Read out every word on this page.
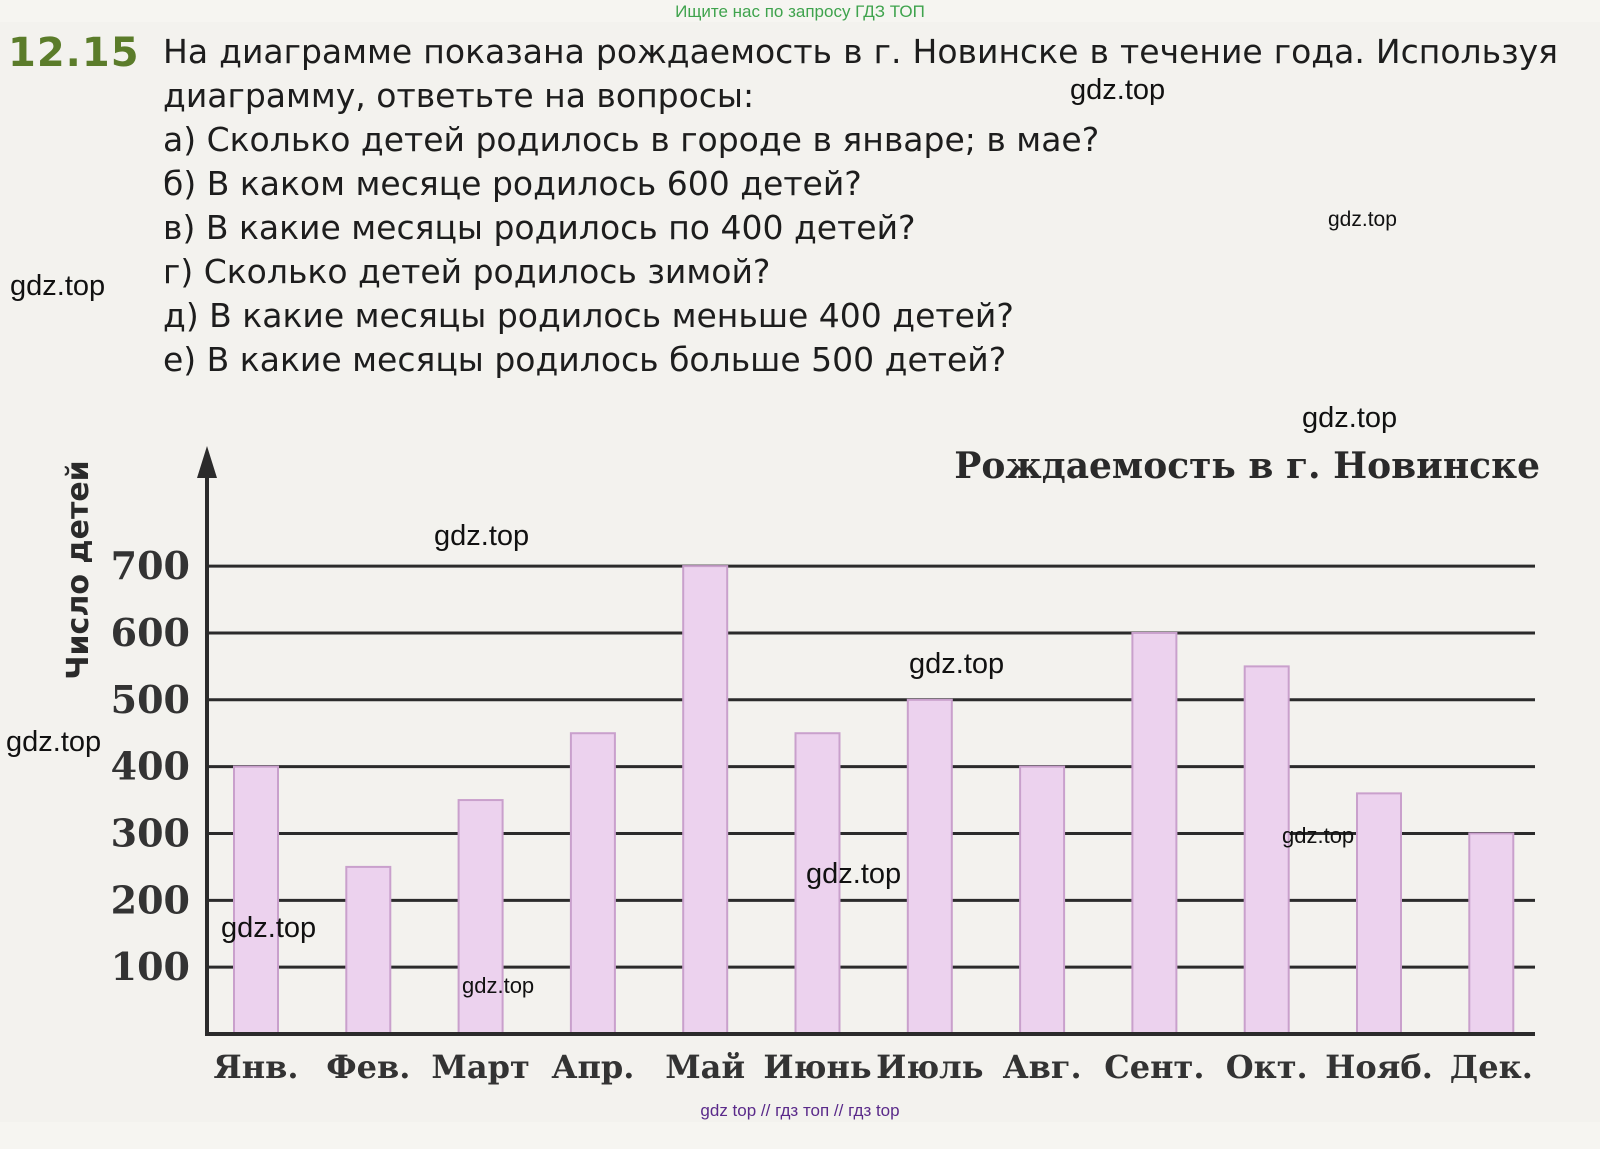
Ищите нас по запросу ГДЗ ТОП
12.15 На диаграмме показана рождаемость в г. Новинске в течение года. Используя диаграмму, ответьте на вопросы:
а) Сколько детей родилось в городе в январе; в мае?
б) В каком месяце родилось 600 детей?
в) В какие месяцы родилось по 400 детей?
г) Сколько детей родилось зимой?
д) В какие месяцы родилось меньше 400 детей?
е) В какие месяцы родилось больше 500 детей?
100
200
300
400
500
600
700
Янв. Фев. Март Апр. Май Июнь Июль Авг. Сент. Окт. Нояб. Дек.
Рождаемость в г. Новинске
Число детей
gdz.top
gdz.top
gdz.top
gdz.top
gdz.top
gdz.top
gdz.top
gdz.top
gdz.top
gdz.top
gdz.top
gdz top // гдз топ // гдз top
